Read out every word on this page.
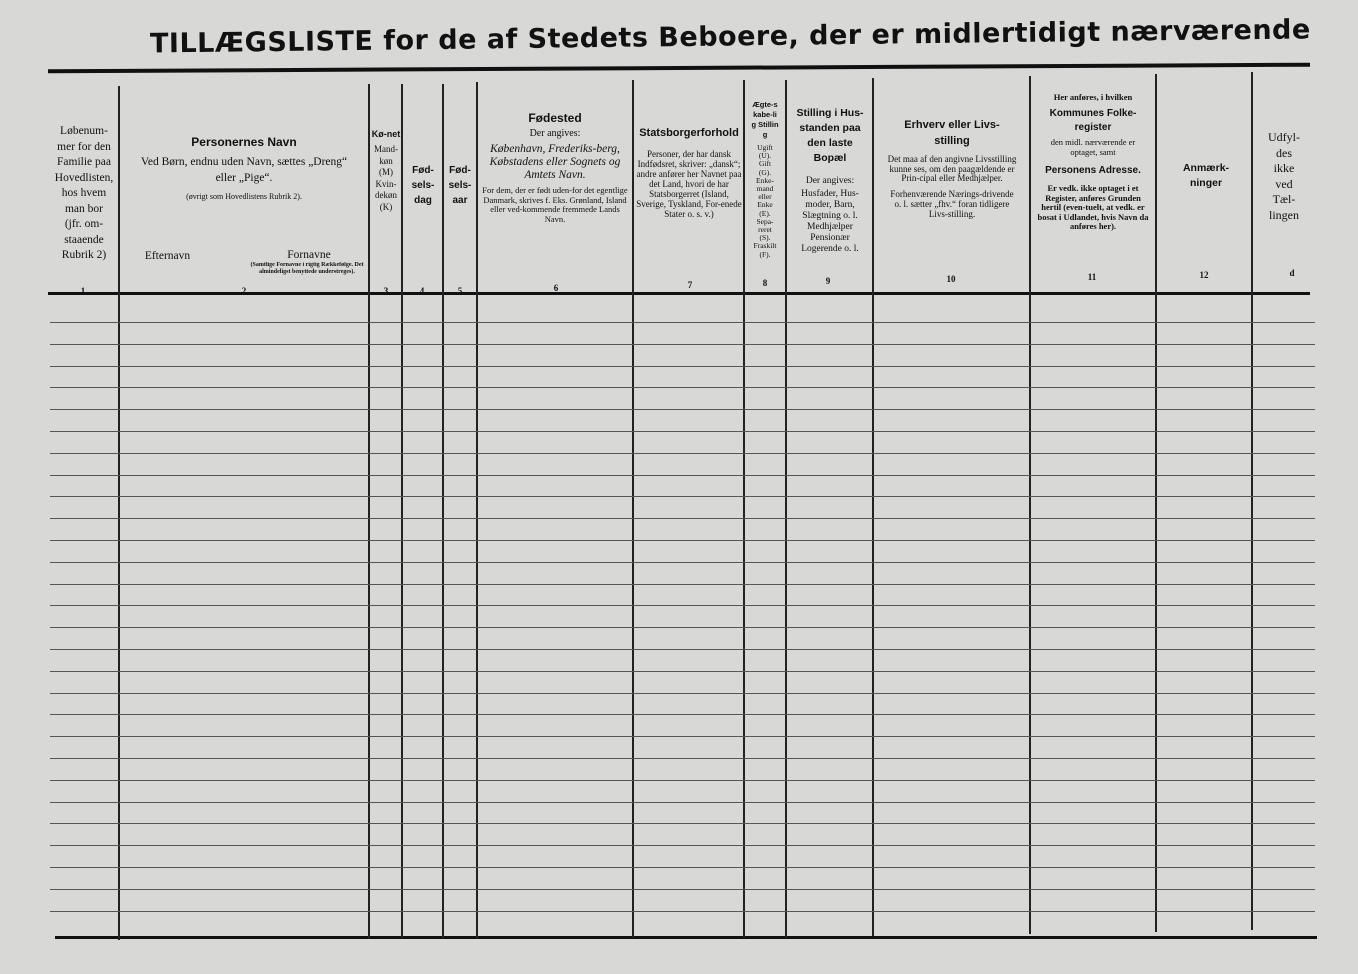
TILLÆGSLISTE for de af Stedets Beboere, der er midlertidigt nærværende
Løbenum-
mer for den
Familie paa
Hovedlisten,
hos hvem
man bor
(jfr. om-
staaende
Rubrik 2)
1
Personernes Navn
Ved Børn, endnu uden Navn, sættes „Dreng“ eller „Pige“.
(øvrigt som Hovedlistens Rubrik 2).
Efternavn	Fornavne
(Samtlige Fornavne i rigtig Rækkefølge. Det almindeligst benyttede understreges).
2
Kø-net
Mand-
køn
(M)
Kvin-
dekøn
(K)
3
Fød-sels-dag
4
Fød-sels-aar
5
Fødested
Der angives:
København, Frederiks-berg, Købstadens eller Sognets og Amtets Navn.
For dem, der er født uden-for det egentlige Danmark, skrives f. Eks. Grønland, Island eller ved-kommende fremmede Lands Navn.
6
Statsborgerforhold
Personer, der har dansk Indfødsret, skriver: „dansk“; andre anfører her Navnet paa det Land, hvori de har Statsborgerret (Island, Sverige, Tyskland, For-enede Stater o. s. v.)
7
Ægte-skabe-lig Stilling
Ugift
(U).
Gift
(G).
Enke-
mand
eller
Enke
(E).
Sepa-
reret
(S).
Fraskilt
(F).
8
Stilling i Hus-standen paa den laste Bopæl
Der angives:
Husfader, Hus-moder, Barn, Slægtning o. l. Medhjælper Pensionær Logerende o. l.
9
Erhverv eller Livs-stilling
Det maa af den angivne Livsstilling kunne ses, om den paagældende er Prin-cipal eller Medhjælper.
Forhenværende Nærings-drivende o. l. sætter „fhv.“ foran tidligere Livs-stilling.
10
Her anføres, i hvilken
Kommunes Folke-register
den midl. nærværende er optaget, samt
Personens Adresse.
Er vedk. ikke optaget i et Register, anføres Grunden hertil (even-tuelt, at vedk. er bosat i Udlandet, hvis Navn da anføres her).
11
Anmærk-ninger
12
Udfyl-
des
ikke
ved
Tæl-
lingen
d
